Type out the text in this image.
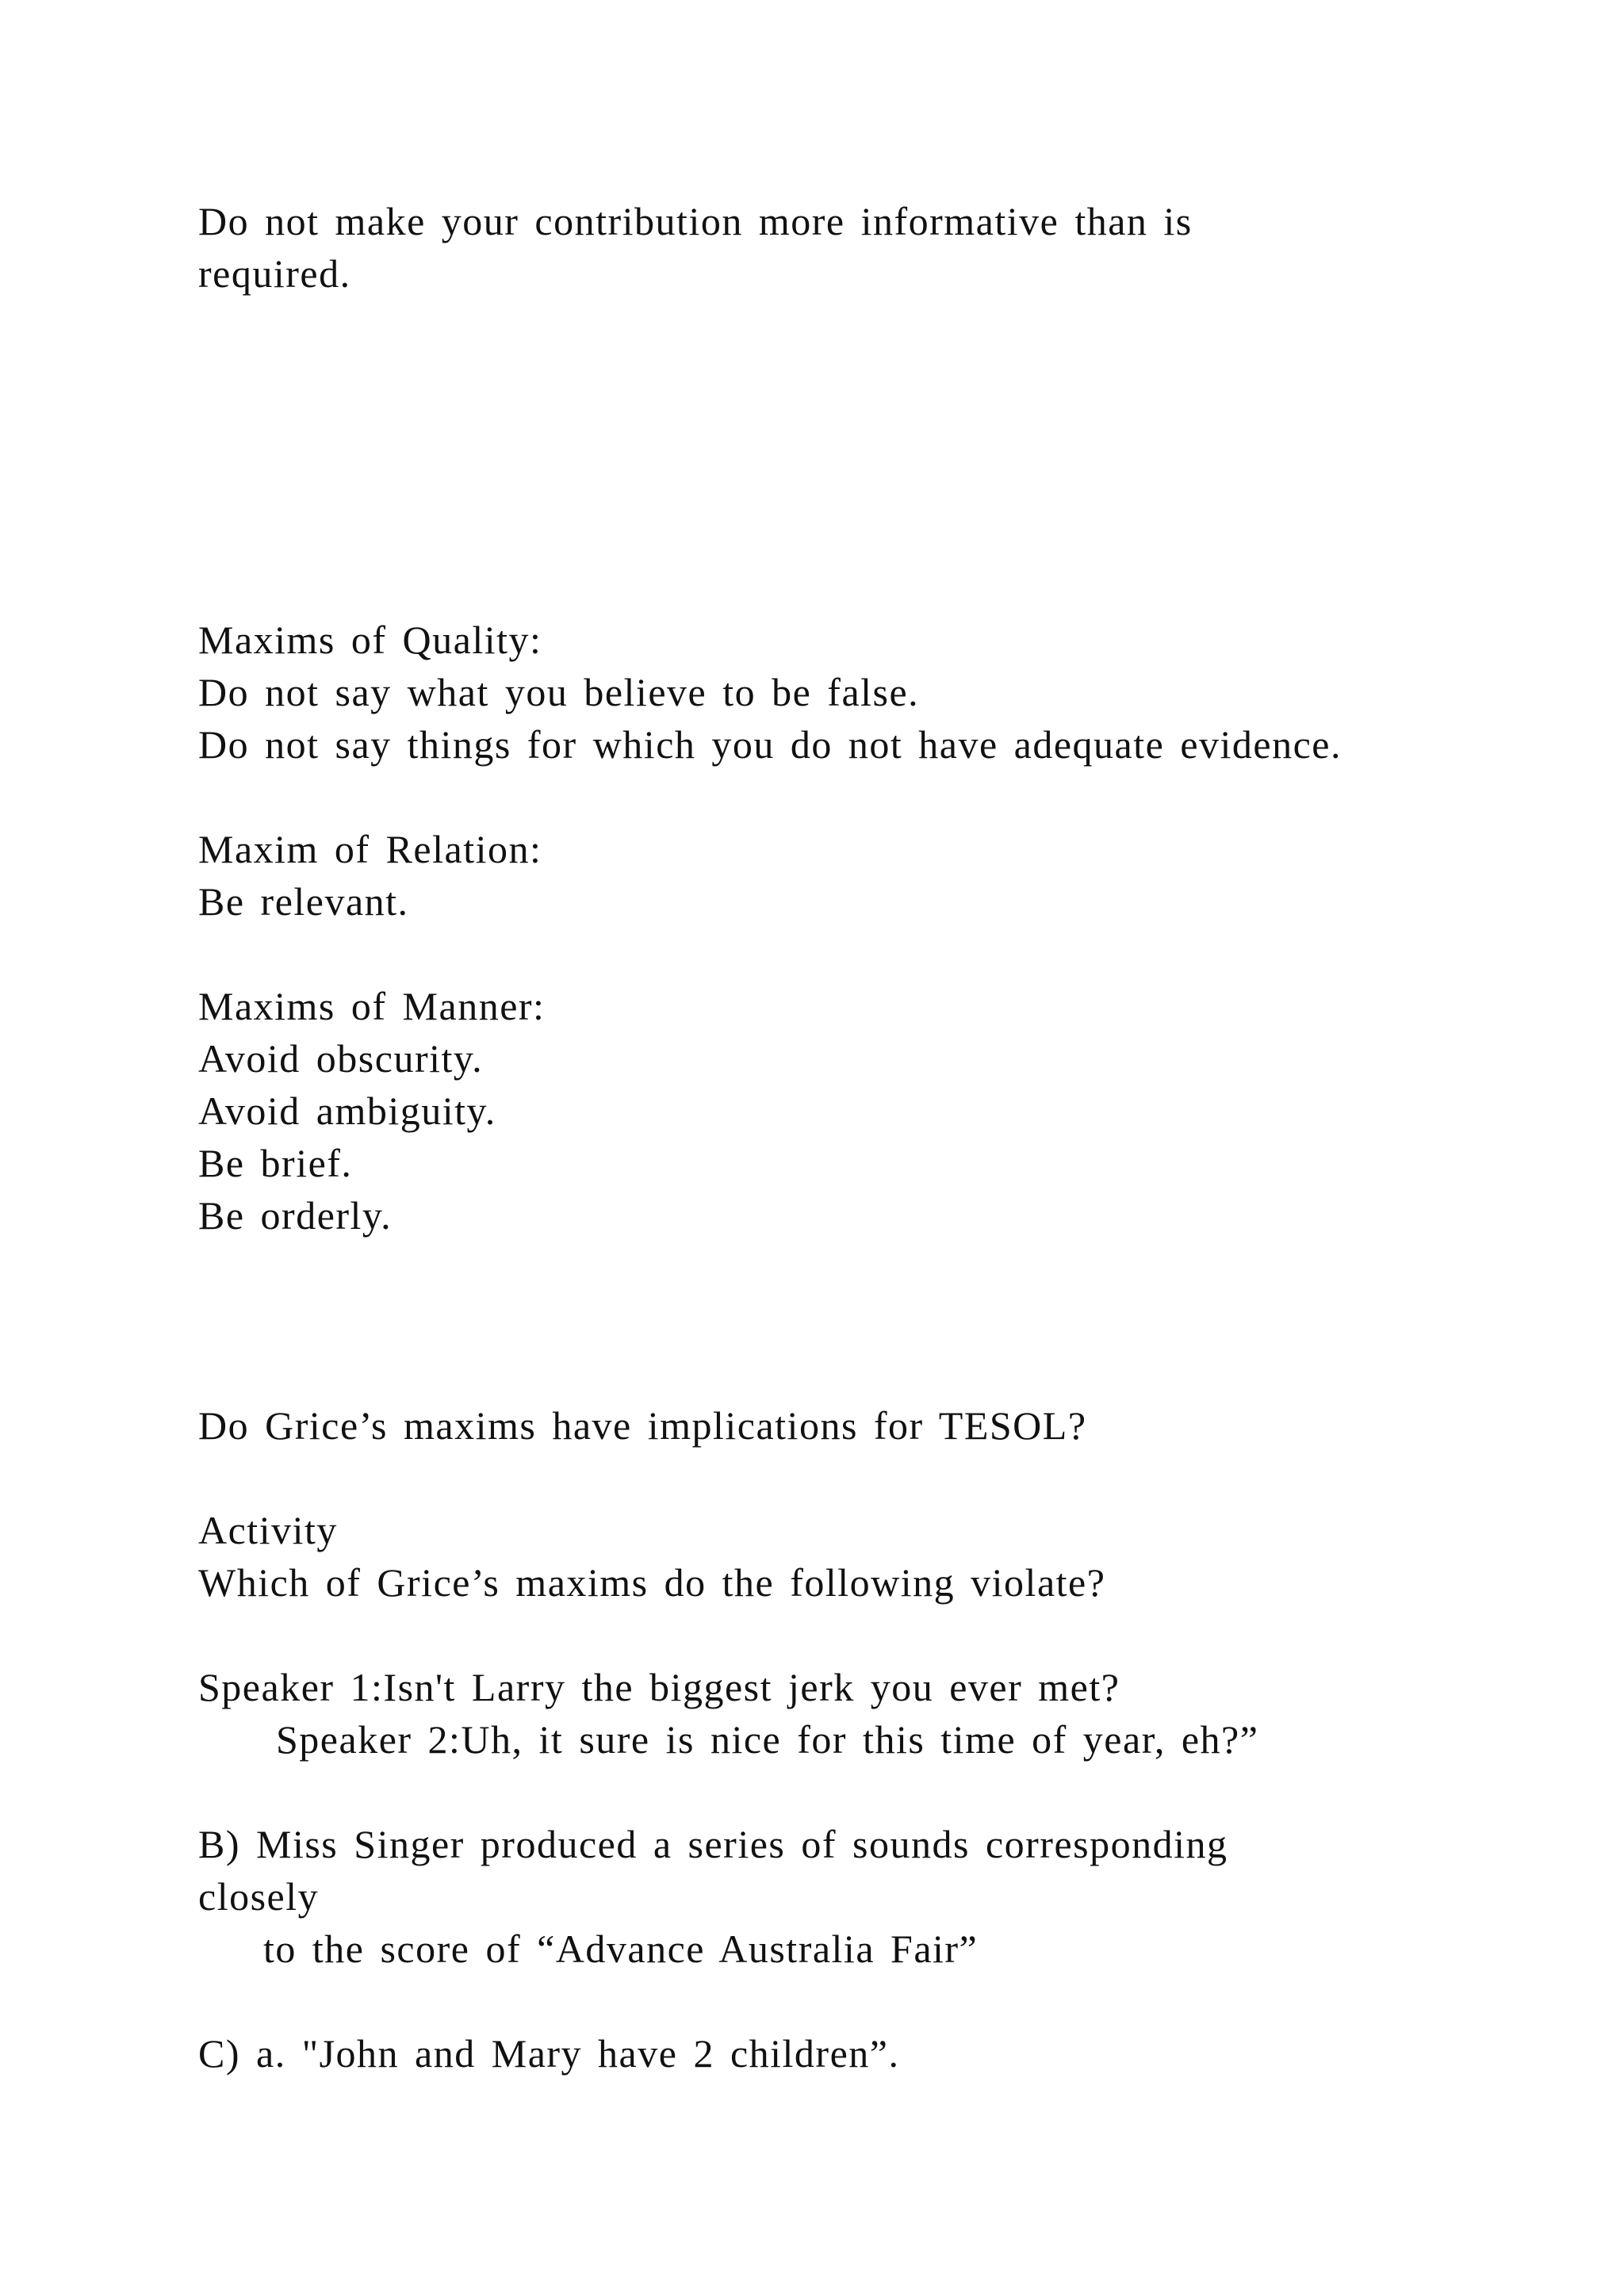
Do not make your contribution more informative than is
required.
Maxims of Quality:
Do not say what you believe to be false.
Do not say things for which you do not have adequate evidence.
Maxim of Relation:
Be relevant.
Maxims of Manner:
Avoid obscurity.
Avoid ambiguity.
Be brief.
Be orderly.
Do Grice’s maxims have implications for TESOL?
Activity
Which of Grice’s maxims do the following violate?
Speaker 1:Isn't Larry the biggest jerk you ever met?
Speaker 2:Uh, it sure is nice for this time of year, eh?”
B) Miss Singer produced a series of sounds corresponding
closely
to the score of “Advance Australia Fair”
C) a. "John and Mary have 2 children”.
